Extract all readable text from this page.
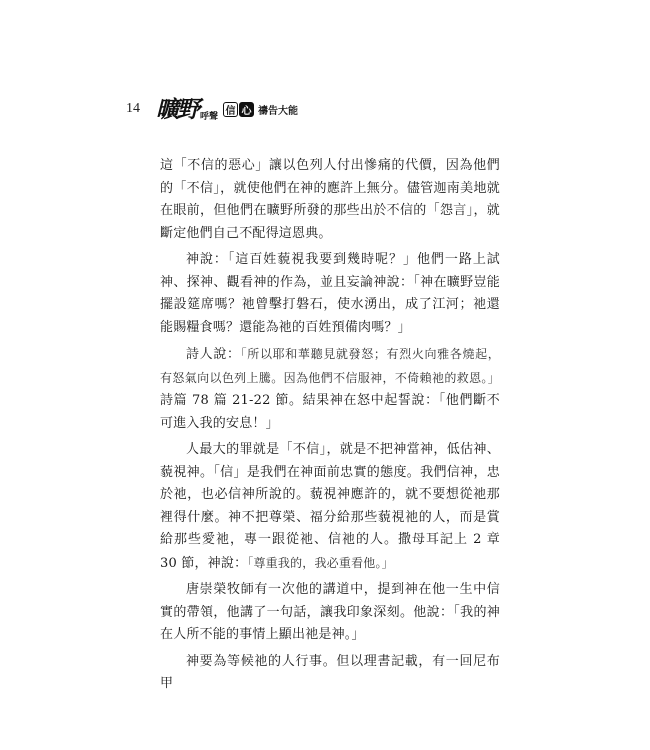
14 曠野 呼聲
信 心 禱告大能

這「不信的惡心」讓以色列人付出慘痛的代價，因為他們的「不信」，就使他們在神的應許上無分。儘管迦南美地就在眼前，但他們在曠野所發的那些出於不信的「怨言」，就斷定他們自己不配得這恩典。

神說：「這百姓藐視我要到幾時呢？」他們一路上試神、探神、觀看神的作為，並且妄論神說：「神在曠野豈能擺設筵席嗎？祂曾擊打磐石，使水湧出，成了江河；祂還能賜糧食嗎？還能為祂的百姓預備肉嗎？」

詩人說：「所以耶和華聽見就發怒；有烈火向雅各燒起，有怒氣向以色列上騰。因為他們不信服神，不倚賴祂的救恩。」詩篇 78 篇 21-22 節。結果神在怒中起誓說：「他們斷不可進入我的安息！」

人最大的罪就是「不信」，就是不把神當神，低估神、藐視神。「信」是我們在神面前忠實的態度。我們信神，忠於祂，也必信神所說的。藐視神應許的，就不要想從祂那裡得什麼。神不把尊榮、福分給那些藐視祂的人，而是賞給那些愛祂，專一跟從祂、信祂的人。撒母耳記上 2 章 30 節，神說：「尊重我的，我必重看他。」

唐崇榮牧師有一次他的講道中，提到神在他一生中信實的帶領，他講了一句話，讓我印象深刻。他說：「我的神在人所不能的事情上顯出祂是神。」

神要為等候祂的人行事。但以理書記載，有一回尼布甲
